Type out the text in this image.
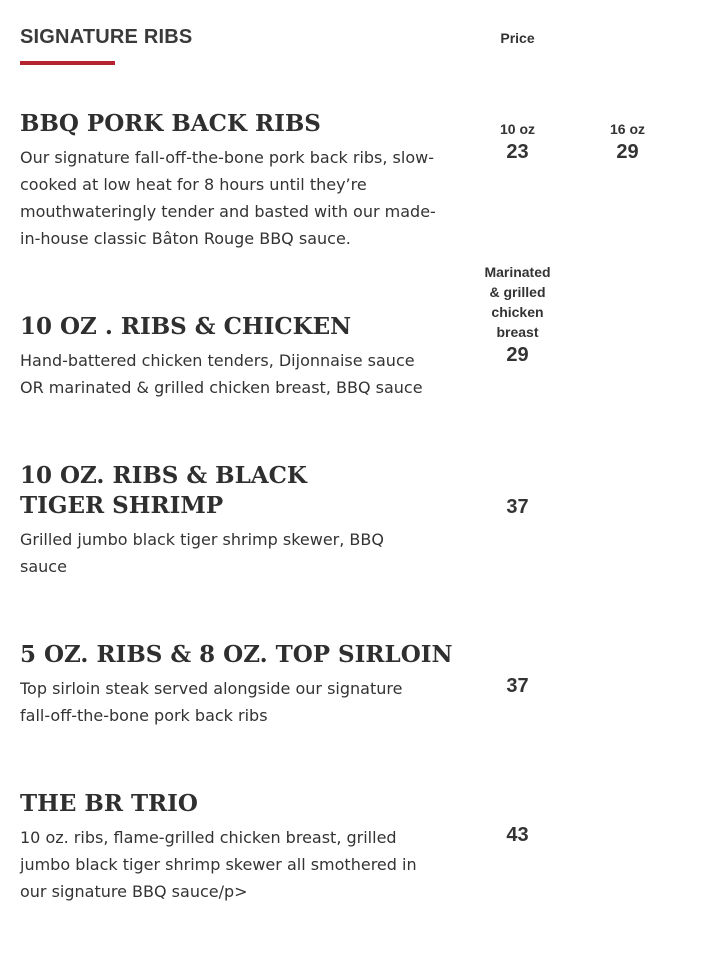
SIGNATURE RIBS	Price
BBQ PORK BACK RIBS

Our signature fall-off-the-bone pork back ribs, slow-cooked at low heat for 8 hours until they’re mouthwateringly tender and basted with our made-in-house classic Bâton Rouge BBQ sauce.

10 oz
23
16 oz
29
10 OZ . RIBS & CHICKEN

Hand-battered chicken tenders, Dijonnaise sauce OR marinated & grilled chicken breast, BBQ sauce

Marinated & grilled chicken breast
29
10 OZ. RIBS & BLACK TIGER SHRIMP

Grilled jumbo black tiger shrimp skewer, BBQ sauce

37
5 OZ. RIBS & 8 OZ. TOP SIRLOIN

Top sirloin steak served alongside our signature fall-off-the-bone pork back ribs

37
THE BR TRIO

10 oz. ribs, flame-grilled chicken breast, grilled jumbo black tiger shrimp skewer all smothered in our signature BBQ sauce/p>

43
